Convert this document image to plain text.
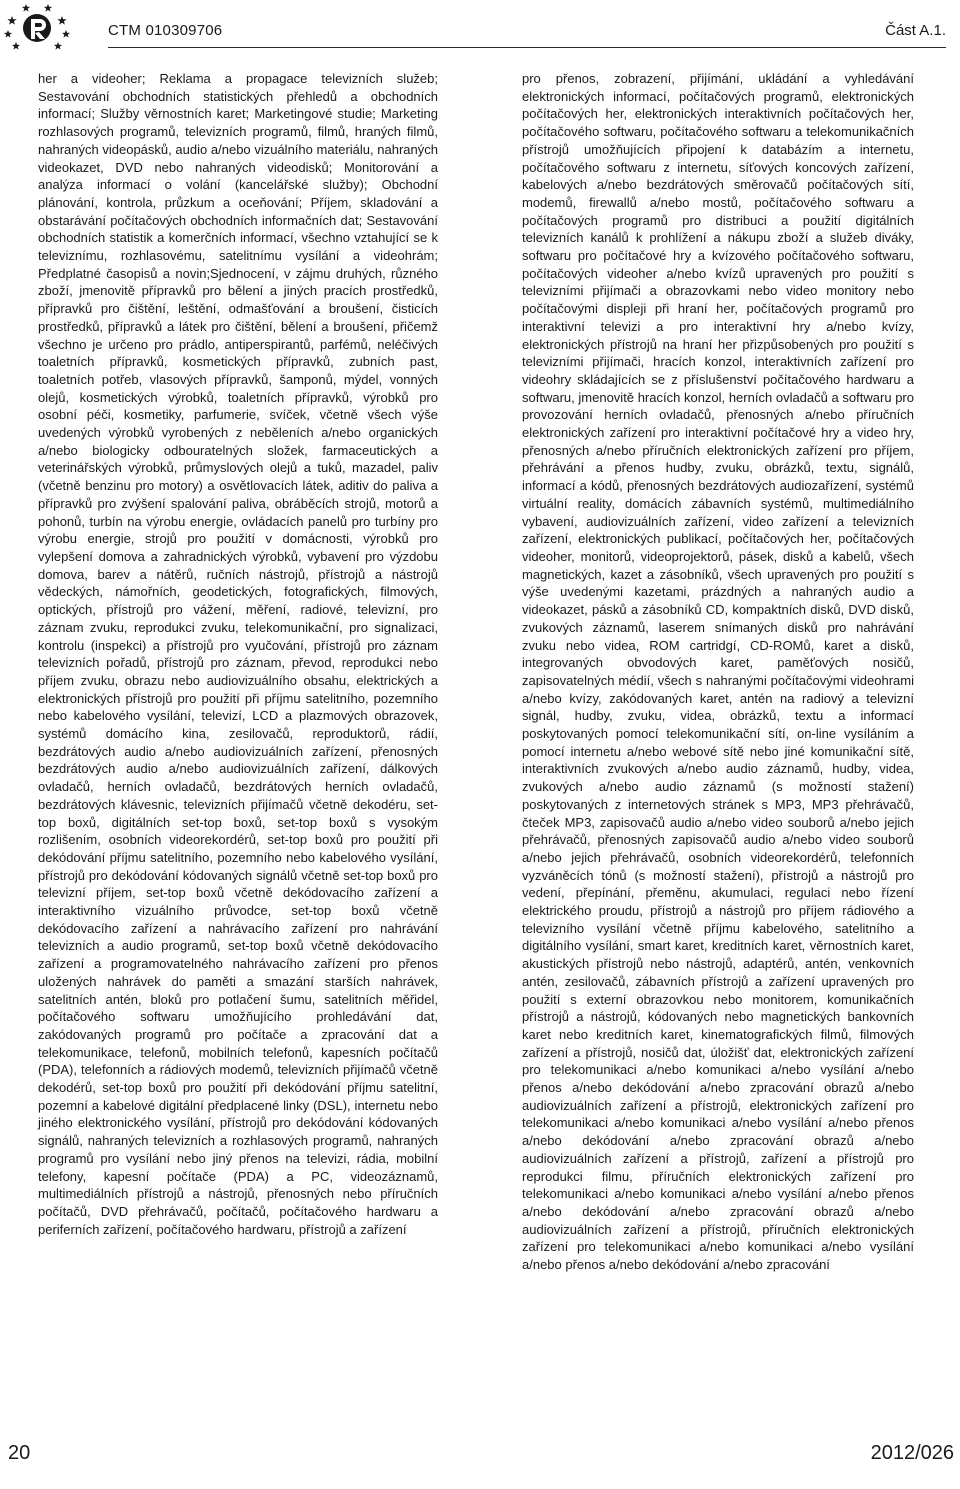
CTM 010309706	Část A.1.
her a videoher; Reklama a propagace televizních služeb; Sestavování obchodních statistických přehledů a obchodních informací; Služby věrnostních karet; Marketingové studie; Marketing rozhlasových programů, televizních programů, filmů, hraných filmů, nahraných videopásků, audio a/nebo vizuálního materiálu, nahraných videokazet, DVD nebo nahraných videodisků; Monitorování a analýza informací o volání (kancelářské služby); Obchodní plánování, kontrola, průzkum a oceňování; Příjem, skladování a obstarávání počítačových obchodních informačních dat; Sestavování obchodních statistik a komerčních informací, všechno vztahující se k televiznímu, rozhlasovému, satelitnímu vysílání a videohrám; Předplatné časopisů a novin;Sjednocení, v zájmu druhých, různého zboží, jmenovitě přípravků pro bělení a jiných pracích prostředků, přípravků pro čištění, leštění, odmašťování a broušení, čisticích prostředků, přípravků a látek pro čištění, bělení a broušení, přičemž všechno je určeno pro prádlo, antiperspirantů, parfémů, neléčivých toaletních přípravků, kosmetických přípravků, zubních past, toaletních potřeb, vlasových přípravků, šamponů, mýdel, vonných olejů, kosmetických výrobků, toaletních přípravků, výrobků pro osobní péči, kosmetiky, parfumerie, svíček, včetně všech výše uvedených výrobků vyrobených z neběleních a/nebo organických a/nebo biologicky odbouratelných složek, farmaceutických a veterinářských výrobků, průmyslových olejů a tuků, mazadel, paliv (včetně benzinu pro motory) a osvětlovacích látek, aditiv do paliva a přípravků pro zvýšení spalování paliva, obráběcích strojů, motorů a pohonů, turbín na výrobu energie, ovládacích panelů pro turbíny pro výrobu energie, strojů pro použití v domácnosti, výrobků pro vylepšení domova a zahradnických výrobků, vybavení pro výzdobu domova, barev a nátěrů, ručních nástrojů, přístrojů a nástrojů vědeckých, námořních, geodetických, fotografických, filmových, optických, přístrojů pro vážení, měření, radiové, televizní, pro záznam zvuku, reprodukci zvuku, telekomunikační, pro signalizaci, kontrolu (inspekci) a přístrojů pro vyučování, přístrojů pro záznam televizních pořadů, přístrojů pro záznam, převod, reprodukci nebo příjem zvuku, obrazu nebo audiovizuálního obsahu, elektrických a elektronických přístrojů pro použití při příjmu satelitního, pozemního nebo kabelového vysílání, televizí, LCD a plazmových obrazovek, systémů domácího kina, zesilovačů, reproduktorů, rádií, bezdrátových audio a/nebo audiovizuálních zařízení, přenosných bezdrátových audio a/nebo audiovizuálních zařízení, dálkových ovladačů, herních ovladačů, bezdrátových herních ovladačů, bezdrátových klávesnic, televizních přijímačů včetně dekodéru, set-top boxů, digitálních set-top boxů, set-top boxů s vysokým rozlišením, osobních videorekordérů, set-top boxů pro použití při dekódování příjmu satelitního, pozemního nebo kabelového vysílání, přístrojů pro dekódování kódovaných signálů včetně set-top boxů pro televizní příjem, set-top boxů včetně dekódovacího zařízení a interaktivního vizuálního průvodce, set-top boxů včetně dekódovacího zařízení a nahrávacího zařízení pro nahrávání televizních a audio programů, set-top boxů včetně dekódovacího zařízení a programovatelného nahrávacího zařízení pro přenos uložených nahrávek do paměti a smazání starších nahrávek, satelitních antén, bloků pro potlačení šumu, satelitních měřidel, počítačového softwaru umožňujícího prohledávání dat, zakódovaných programů pro počítače a zpracování dat a telekomunikace, telefonů, mobilních telefonů, kapesních počítačů (PDA), telefonních a rádiových modemů, televizních přijímačů včetně dekodérů, set-top boxů pro použití při dekódování příjmu satelitní, pozemní a kabelové digitální předplacené linky (DSL), internetu nebo jiného elektronického vysílání, přístrojů pro dekódování kódovaných signálů, nahraných televizních a rozhlasových programů, nahraných programů pro vysílání nebo jiný přenos na televizi, rádia, mobilní telefony, kapesní počítače (PDA) a PC, videozáznamů, multimediálních přístrojů a nástrojů, přenosných nebo příručních počítačů, DVD přehrávačů, počítačů, počítačového hardwaru a periferních zařízení, počítačového hardwaru, přístrojů a zařízení
pro přenos, zobrazení, přijímání, ukládání a vyhledávání elektronických informací, počítačových programů, elektronických počítačových her, elektronických interaktivních počítačových her, počítačového softwaru, počítačového softwaru a telekomunikačních přístrojů umožňujících připojení k databázím a internetu, počítačového softwaru z internetu, síťových koncových zařízení, kabelových a/nebo bezdrátových směrovačů počítačových sítí, modemů, firewallů a/nebo mostů, počítačového softwaru a počítačových programů pro distribuci a použití digitálních televizních kanálů k prohlížení a nákupu zboží a služeb diváky, softwaru pro počítačové hry a kvízového počítačového softwaru, počítačových videoher a/nebo kvízů upravených pro použití s televizními přijímači a obrazovkami nebo video monitory nebo počítačovými displeji při hraní her, počítačových programů pro interaktivní televizi a pro interaktivní hry a/nebo kvízy, elektronických přístrojů na hraní her přizpůsobených pro použití s televizními přijímači, hracích konzol, interaktivních zařízení pro videohry skládajících se z příslušenství počítačového hardwaru a softwaru, jmenovitě hracích konzol, herních ovladačů a softwaru pro provozování herních ovladačů, přenosných a/nebo příručních elektronických zařízení pro interaktivní počítačové hry a video hry, přenosných a/nebo příručních elektronických zařízení pro příjem, přehrávání a přenos hudby, zvuku, obrázků, textu, signálů, informací a kódů, přenosných bezdrátových audiozařízení, systémů virtuální reality, domácích zábavních systémů, multimediálního vybavení, audiovizuálních zařízení, video zařízení a televizních zařízení, elektronických publikací, počítačových her, počítačových videoher, monitorů, videoprojektorů, pásek, disků a kabelů, všech magnetických, kazet a zásobníků, všech upravených pro použití s výše uvedenými kazetami, prázdných a nahraných audio a videokazet, pásků a zásobníků CD, kompaktních disků, DVD disků, zvukových záznamů, laserem snímaných disků pro nahrávání zvuku nebo videa, ROM cartridgí, CD-ROMů, karet a disků, integrovaných obvodových karet, paměťových nosičů, zapisovatelných médií, všech s nahranými počítačovými videohrami a/nebo kvízy, zakódovaných karet, antén na radiový a televizní signál, hudby, zvuku, videa, obrázků, textu a informací poskytovaných pomocí telekomunikační sítí, on-line vysíláním a pomocí internetu a/nebo webové sítě nebo jiné komunikační sítě, interaktivních zvukových a/nebo audio záznamů, hudby, videa, zvukových a/nebo audio záznamů (s možností stažení) poskytovaných z internetových stránek s MP3, MP3 přehrávačů, čteček MP3, zapisovačů audio a/nebo video souborů a/nebo jejich přehrávačů, přenosných zapisovačů audio a/nebo video souborů a/nebo jejich přehrávačů, osobních videorekordérů, telefonních vyzváněcích tónů (s možností stažení), přístrojů a nástrojů pro vedení, přepínání, přeměnu, akumulaci, regulaci nebo řízení elektrického proudu, přístrojů a nástrojů pro příjem rádiového a televizního vysílání včetně příjmu kabelového, satelitního a digitálního vysílání, smart karet, kreditních karet, věrnostních karet, akustických přístrojů nebo nástrojů, adaptérů, antén, venkovních antén, zesilovačů, zábavních přístrojů a zařízení upravených pro použití s externí obrazovkou nebo monitorem, komunikačních přístrojů a nástrojů, kódovaných nebo magnetických bankovních karet nebo kreditních karet, kinematografických filmů, filmových zařízení a přístrojů, nosičů dat, úložišť dat, elektronických zařízení pro telekomunikaci a/nebo komunikaci a/nebo vysílání a/nebo přenos a/nebo dekódování a/nebo zpracování obrazů a/nebo audiovizuálních zařízení a přístrojů, elektronických zařízení pro telekomunikaci a/nebo komunikaci a/nebo vysílání a/nebo přenos a/nebo dekódování a/nebo zpracování obrazů a/nebo audiovizuálních zařízení a přístrojů, zařízení a přístrojů pro reprodukci filmu, příručních elektronických zařízení pro telekomunikaci a/nebo komunikaci a/nebo vysílání a/nebo přenos a/nebo dekódování a/nebo zpracování obrazů a/nebo audiovizuálních zařízení a přístrojů, příručních elektronických zařízení pro telekomunikaci a/nebo komunikaci a/nebo vysílání a/nebo přenos a/nebo dekódování a/nebo zpracování
20	2012/026
